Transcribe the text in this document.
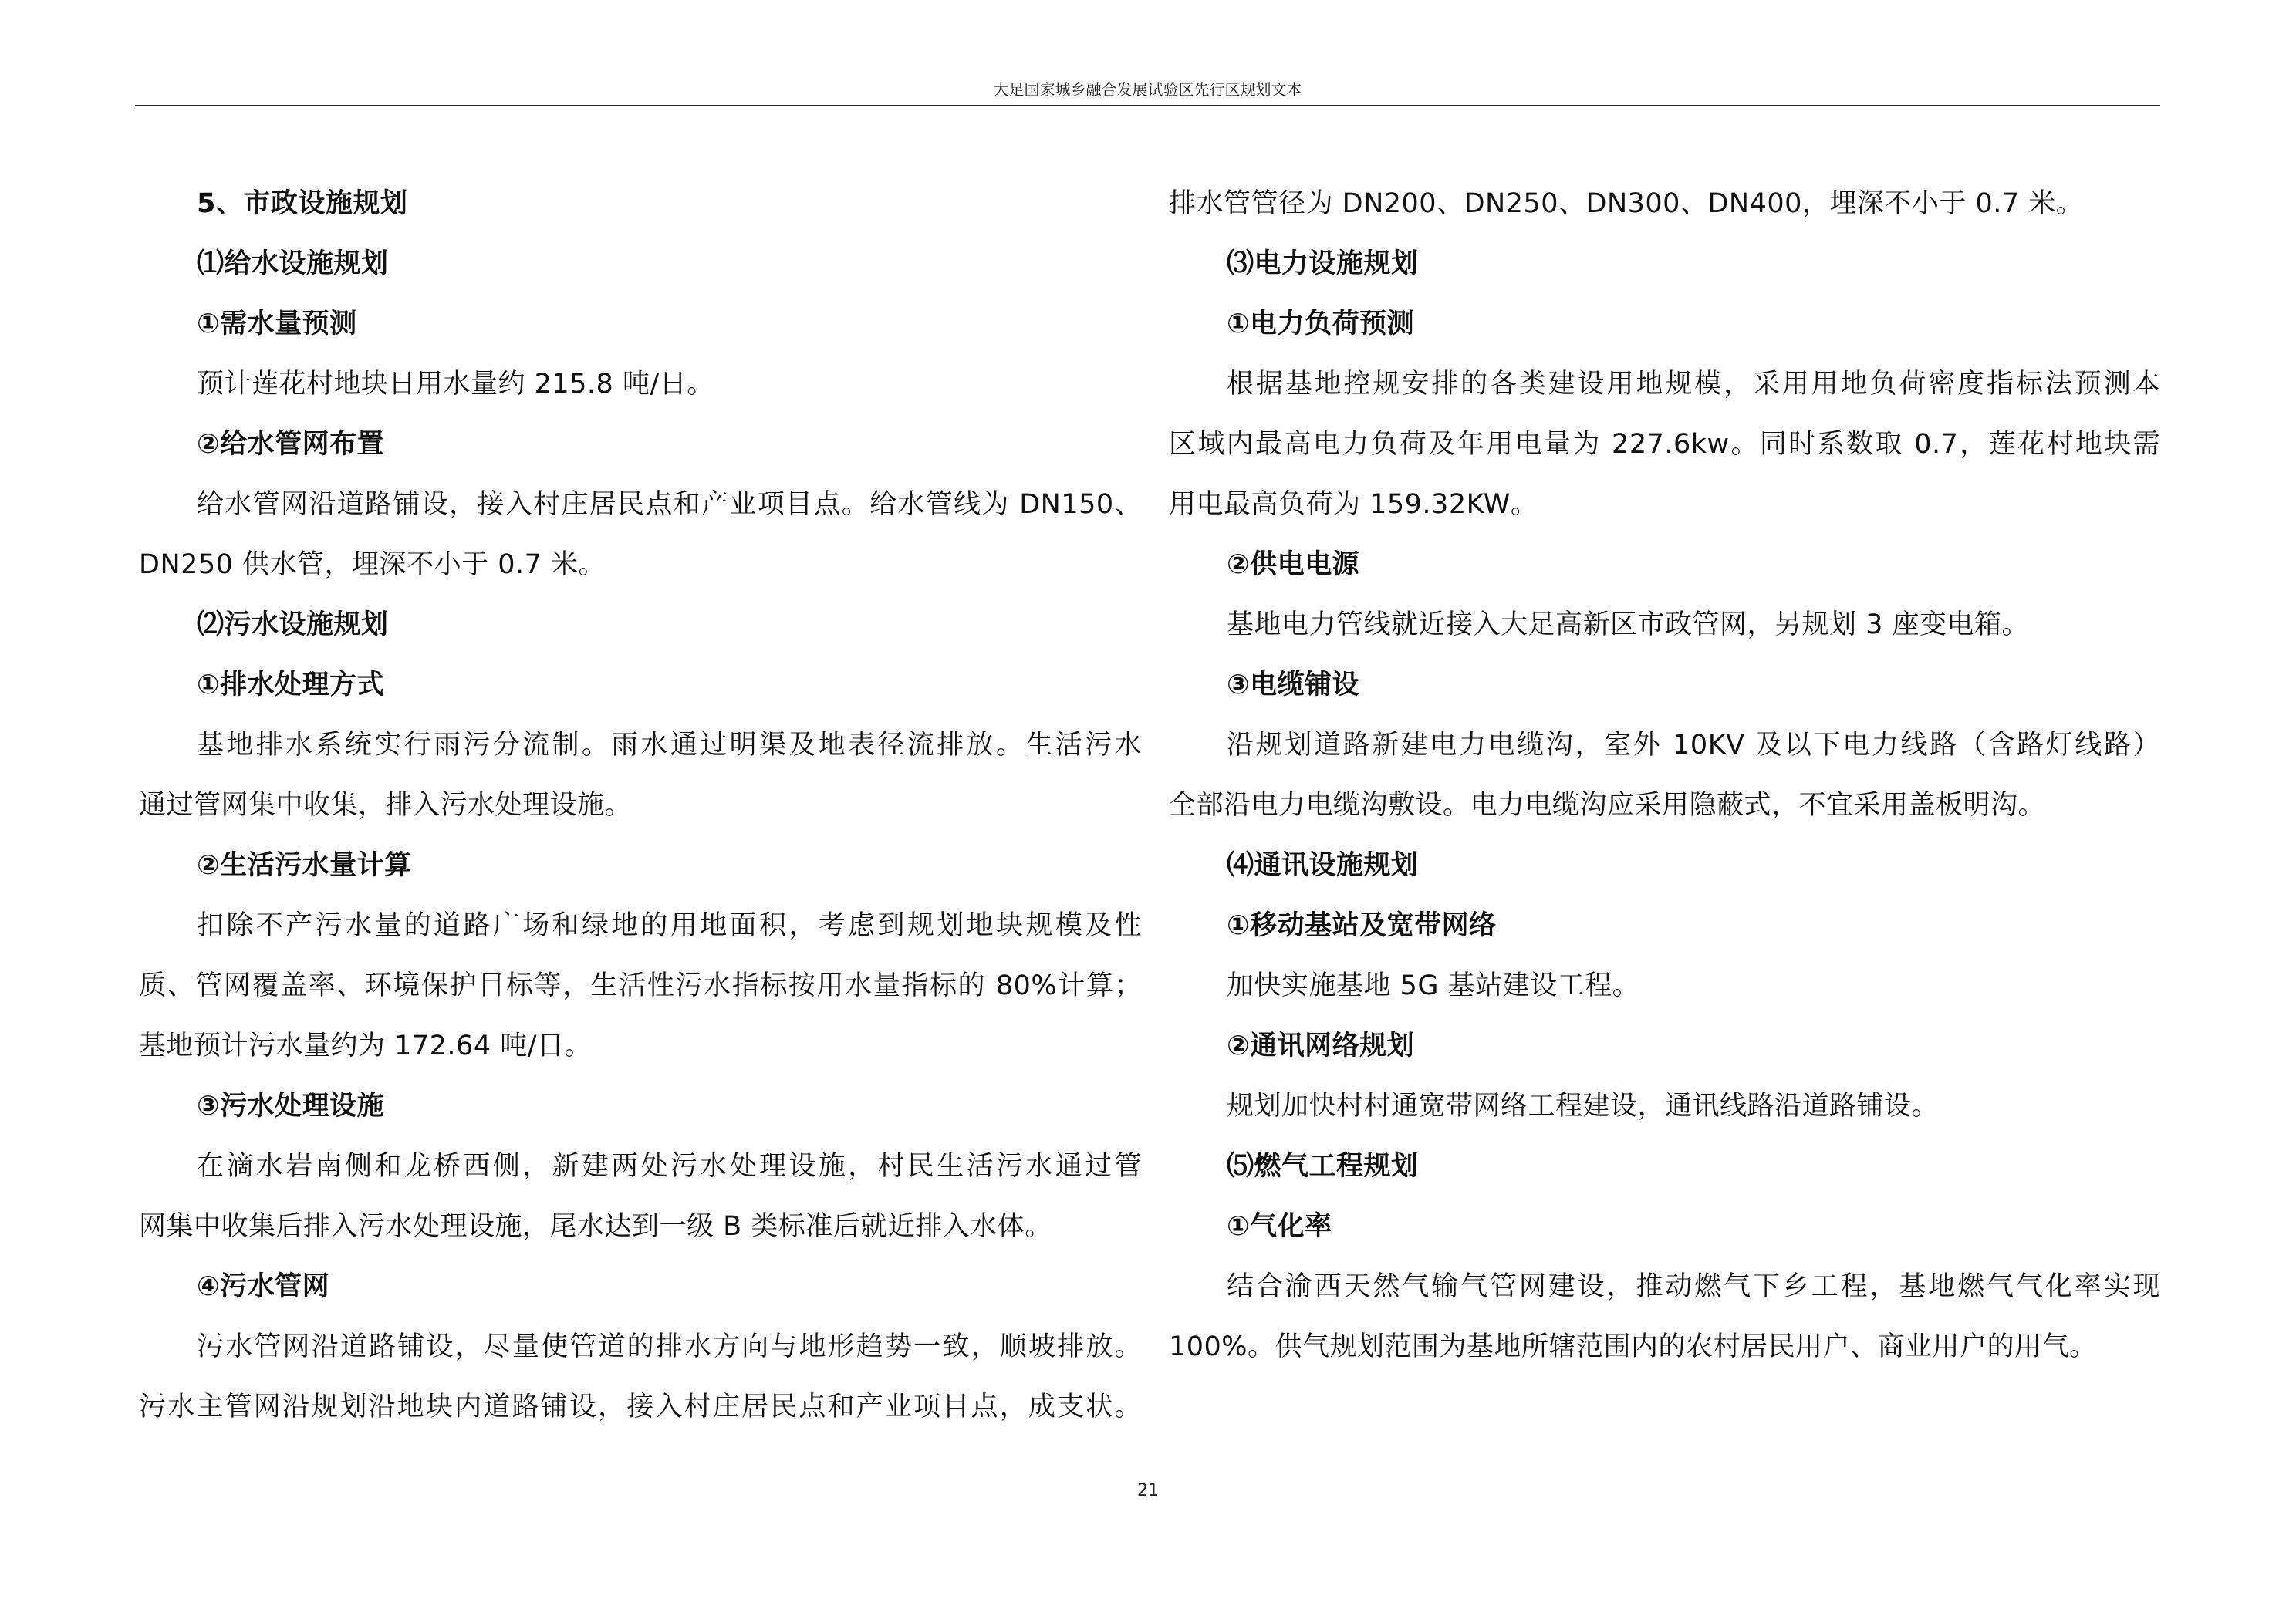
大足国家城乡融合发展试验区先行区规划文本
5、市政设施规划
⑴给水设施规划
①需水量预测
预计莲花村地块日用水量约 215.8 吨/日。
②给水管网布置
给水管网沿道路铺设，接入村庄居民点和产业项目点。给水管线为 DN150、
DN250 供水管，埋深不小于 0.7 米。
⑵污水设施规划
①排水处理方式
基地排水系统实行雨污分流制。雨水通过明渠及地表径流排放。生活污水
通过管网集中收集，排入污水处理设施。
②生活污水量计算
扣除不产污水量的道路广场和绿地的用地面积，考虑到规划地块规模及性
质、管网覆盖率、环境保护目标等，生活性污水指标按用水量指标的 80%计算；
基地预计污水量约为 172.64 吨/日。
③污水处理设施
在滴水岩南侧和龙桥西侧，新建两处污水处理设施，村民生活污水通过管
网集中收集后排入污水处理设施，尾水达到一级 B 类标准后就近排入水体。
④污水管网
污水管网沿道路铺设，尽量使管道的排水方向与地形趋势一致，顺坡排放。
污水主管网沿规划沿地块内道路铺设，接入村庄居民点和产业项目点，成支状。
排水管管径为 DN200、DN250、DN300、DN400，埋深不小于 0.7 米。
⑶电力设施规划
①电力负荷预测
根据基地控规安排的各类建设用地规模，采用用地负荷密度指标法预测本
区域内最高电力负荷及年用电量为 227.6kw。同时系数取 0.7，莲花村地块需
用电最高负荷为 159.32KW。
②供电电源
基地电力管线就近接入大足高新区市政管网，另规划 3 座变电箱。
③电缆铺设
沿规划道路新建电力电缆沟，室外 10KV 及以下电力线路（含路灯线路）
全部沿电力电缆沟敷设。电力电缆沟应采用隐蔽式，不宜采用盖板明沟。
⑷通讯设施规划
①移动基站及宽带网络
加快实施基地 5G 基站建设工程。
②通讯网络规划
规划加快村村通宽带网络工程建设，通讯线路沿道路铺设。
⑸燃气工程规划
①气化率
结合渝西天然气输气管网建设，推动燃气下乡工程，基地燃气气化率实现
100%。供气规划范围为基地所辖范围内的农村居民用户、商业用户的用气。
21
